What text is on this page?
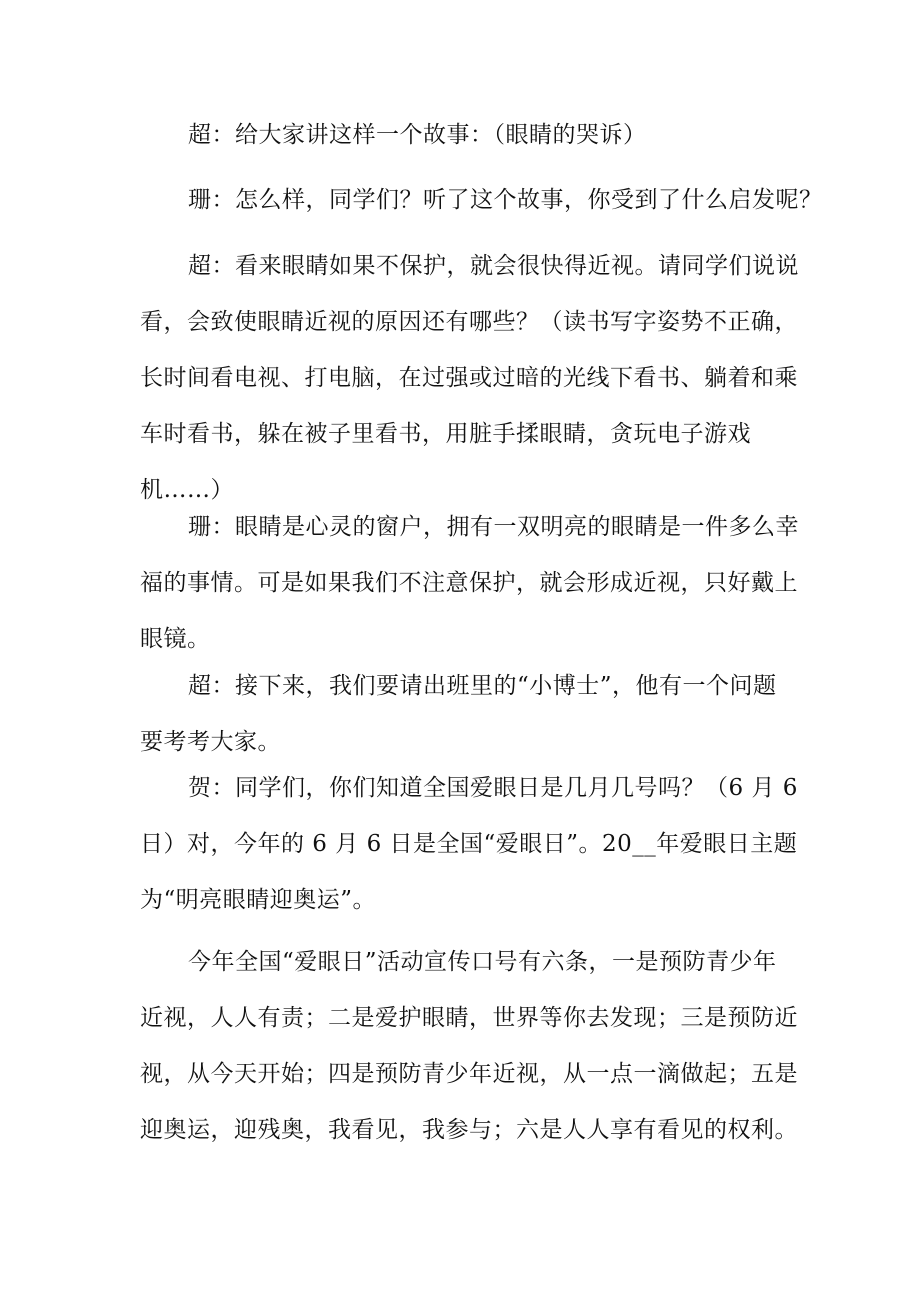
超：给大家讲这样一个故事：（眼睛的哭诉）
珊：怎么样，同学们？听了这个故事，你受到了什么启发呢？
超：看来眼睛如果不保护，就会很快得近视。请同学们说说
看，会致使眼睛近视的原因还有哪些？（读书写字姿势不正确，
长时间看电视、打电脑，在过强或过暗的光线下看书、躺着和乘
车时看书，躲在被子里看书，用脏手揉眼睛，贪玩电子游戏
机……）
珊：眼睛是心灵的窗户，拥有一双明亮的眼睛是一件多么幸
福的事情。可是如果我们不注意保护，就会形成近视，只好戴上
眼镜。
超：接下来，我们要请出班里的“小博士”，他有一个问题
要考考大家。
贺：同学们，你们知道全国爱眼日是几月几号吗？（6 月 6
日）对，今年的 6 月 6 日是全国“爱眼日”。20__年爱眼日主题
为“明亮眼睛迎奥运”。
今年全国“爱眼日”活动宣传口号有六条，一是预防青少年
近视，人人有责；二是爱护眼睛，世界等你去发现；三是预防近
视，从今天开始；四是预防青少年近视，从一点一滴做起；五是
迎奥运，迎残奥，我看见，我参与；六是人人享有看见的权利。
